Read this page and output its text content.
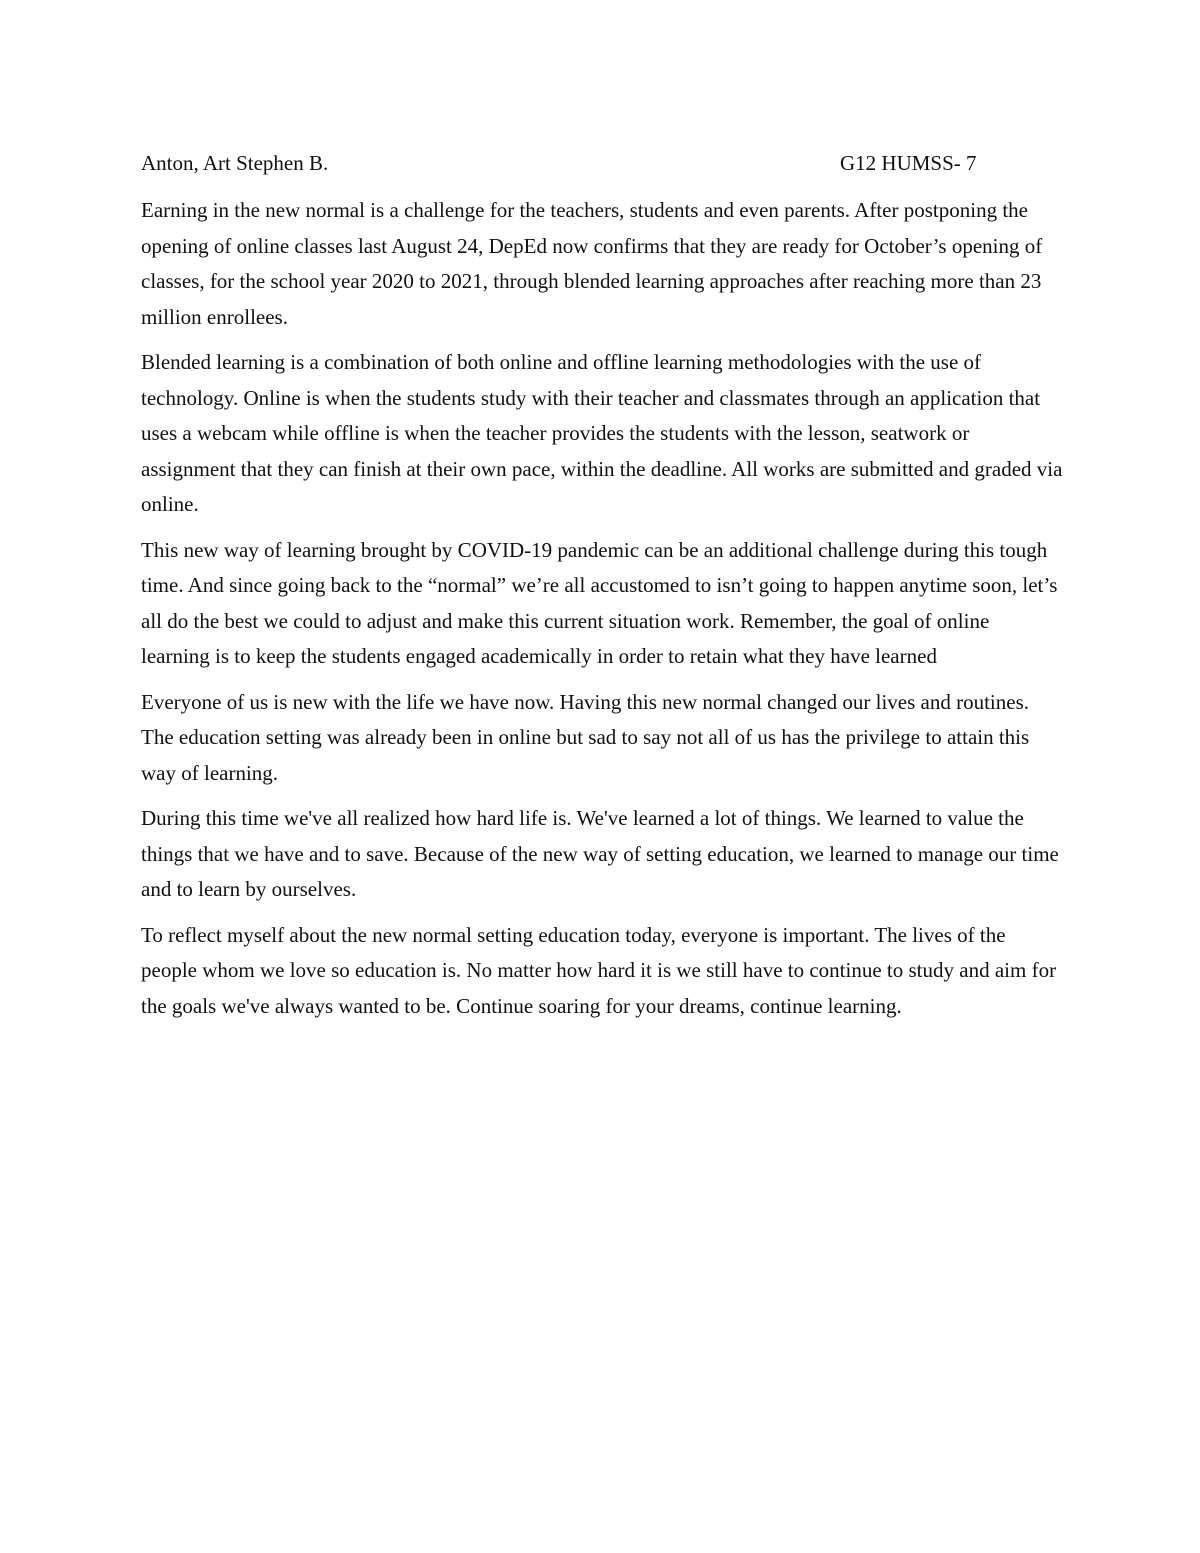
Anton, Art Stephen B.	G12 HUMSS- 7

Earning in the new normal is a challenge for the teachers, students and even parents. After postponing the opening of online classes last August 24, DepEd now confirms that they are ready for October’s opening of classes, for the school year 2020 to 2021, through blended learning approaches after reaching more than 23 million enrollees.

Blended learning is a combination of both online and offline learning methodologies with the use of technology. Online is when the students study with their teacher and classmates through an application that uses a webcam while offline is when the teacher provides the students with the lesson, seatwork or assignment that they can finish at their own pace, within the deadline. All works are submitted and graded via online.

This new way of learning brought by COVID-19 pandemic can be an additional challenge during this tough time. And since going back to the “normal” we’re all accustomed to isn’t going to happen anytime soon, let’s all do the best we could to adjust and make this current situation work. Remember, the goal of online learning is to keep the students engaged academically in order to retain what they have learned

Everyone of us is new with the life we have now. Having this new normal changed our lives and routines. The education setting was already been in online but sad to say not all of us has the privilege to attain this way of learning.

During this time we've all realized how hard life is. We've learned a lot of things. We learned to value the things that we have and to save. Because of the new way of setting education, we learned to manage our time and to learn by ourselves.

To reflect myself about the new normal setting education today, everyone is important. The lives of the people whom we love so education is. No matter how hard it is we still have to continue to study and aim for the goals we've always wanted to be. Continue soaring for your dreams, continue learning.
